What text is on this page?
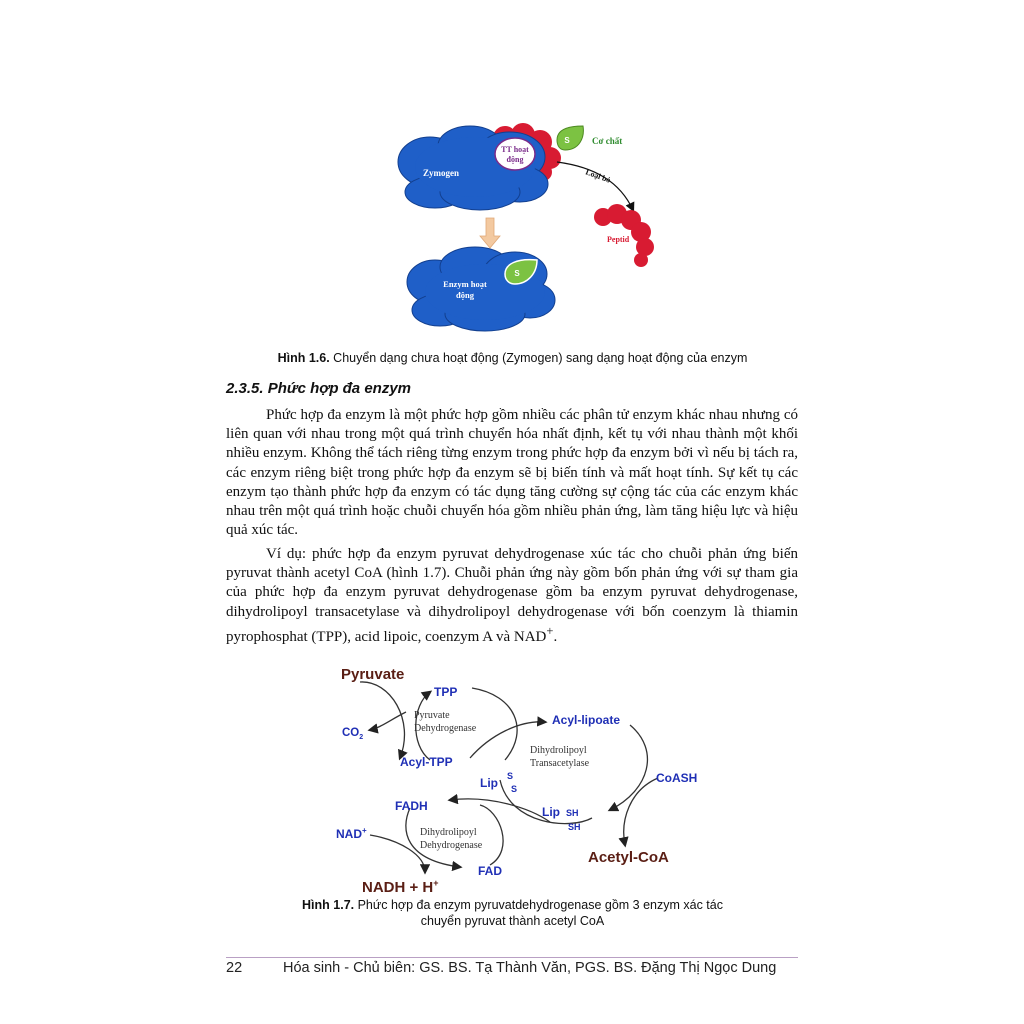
TT hoạt
động
Zymogen
S Cơ chất
Loại bỏ
Peptid
Enzym hoạt
động
S
Hình 1.6. Chuyển dạng chưa hoạt động (Zymogen) sang dạng hoạt động của enzym
2.3.5. Phức hợp đa enzym

Phức hợp đa enzym là một phức hợp gồm nhiều các phân tử enzym khác nhau nhưng có liên quan với nhau trong một quá trình chuyển hóa nhất định, kết tụ với nhau thành một khối nhiều enzym. Không thể tách riêng từng enzym trong phức hợp đa enzym bởi vì nếu bị tách ra, các enzym riêng biệt trong phức hợp đa enzym sẽ bị biến tính và mất hoạt tính. Sự kết tụ các enzym tạo thành phức hợp đa enzym có tác dụng tăng cường sự cộng tác của các enzym khác nhau trên một quá trình hoặc chuỗi chuyển hóa gồm nhiều phản ứng, làm tăng hiệu lực và hiệu quả xúc tác.

Ví dụ: phức hợp đa enzym pyruvat dehydrogenase xúc tác cho chuỗi phản ứng biến pyruvat thành acetyl CoA (hình 1.7). Chuỗi phản ứng này gồm bốn phản ứng với sự tham gia của phức hợp đa enzym pyruvat dehydrogenase gồm ba enzym pyruvat dehydrogenase, dihydrolipoyl transacetylase và dihydrolipoyl dehydrogenase với bốn coenzym là thiamin pyrophosphat (TPP), acid lipoic, coenzym A và NAD+.

Pyruvate
TPP
$CO_2$
Pyruvate
Dehydrogenase
Acyl-TPP
Acyl-lipoate
Dihydrolipoyl
Transacetylase
Lip S
S
CoASH
FADH	Lip SH
SH
NAD+	Dihydrolipoyl
Dehydrogenase
Acetyl-CoA
FAD
NADH + H+
Hình 1.7. Phức hợp đa enzym pyruvatdehydrogenase gồm 3 enzym xác tác
chuyển pyruvat thành acetyl CoA
22	Hóa sinh - Chủ biên: GS. BS. Tạ Thành Văn, PGS. BS. Đặng Thị Ngọc Dung
